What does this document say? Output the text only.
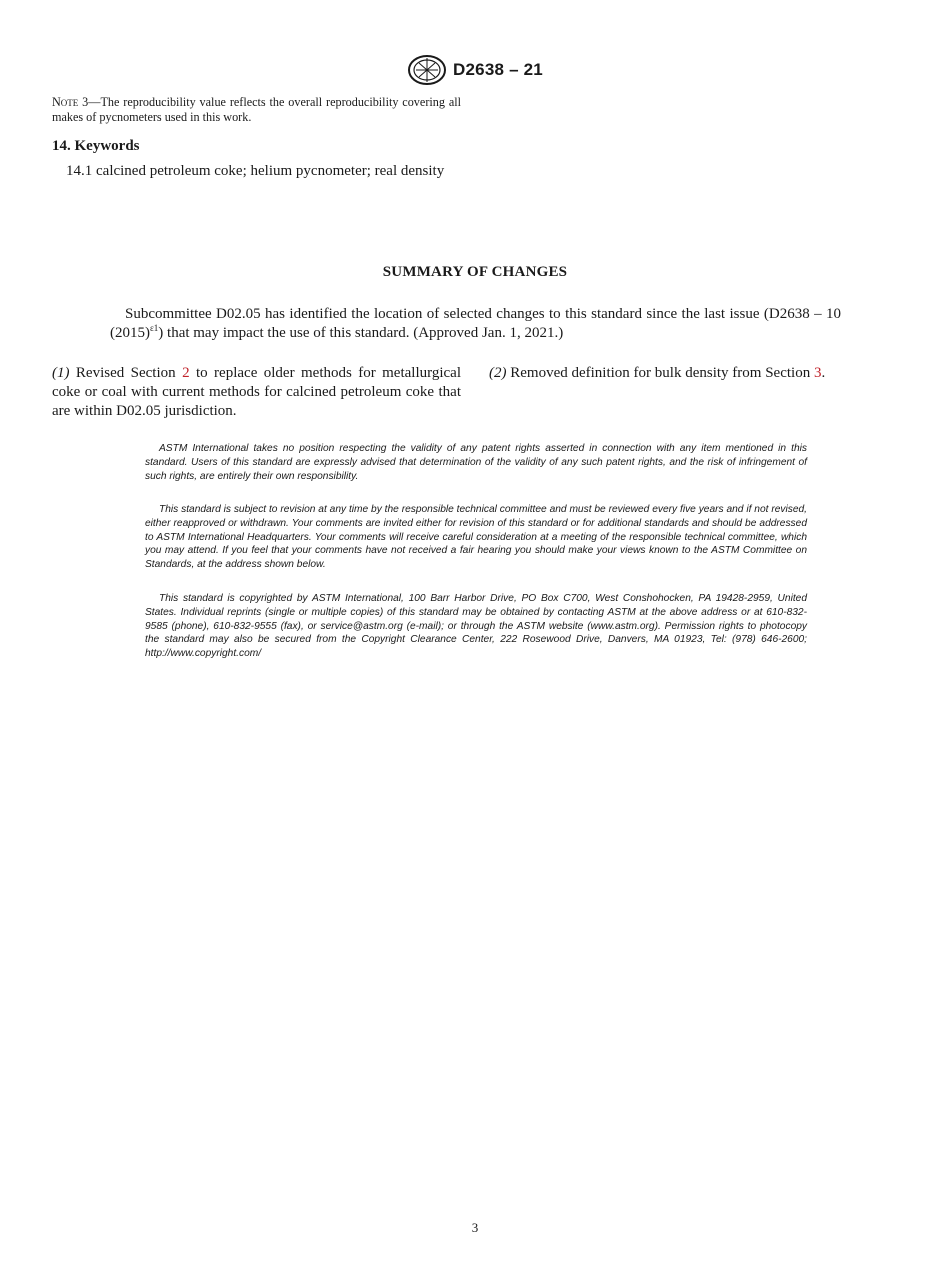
D2638 – 21
Note 3—The reproducibility value reflects the overall reproducibility covering all makes of pycnometers used in this work.
14. Keywords
14.1 calcined petroleum coke; helium pycnometer; real density
SUMMARY OF CHANGES
Subcommittee D02.05 has identified the location of selected changes to this standard since the last issue (D2638 – 10 $(2015)^{\varepsilon 1}$) that may impact the use of this standard. (Approved Jan. 1, 2021.)
(1) Revised Section 2 to replace older methods for metallurgical coke or coal with current methods for calcined petroleum coke that are within D02.05 jurisdiction.
(2) Removed definition for bulk density from Section 3.
ASTM International takes no position respecting the validity of any patent rights asserted in connection with any item mentioned in this standard. Users of this standard are expressly advised that determination of the validity of any such patent rights, and the risk of infringement of such rights, are entirely their own responsibility.
This standard is subject to revision at any time by the responsible technical committee and must be reviewed every five years and if not revised, either reapproved or withdrawn. Your comments are invited either for revision of this standard or for additional standards and should be addressed to ASTM International Headquarters. Your comments will receive careful consideration at a meeting of the responsible technical committee, which you may attend. If you feel that your comments have not received a fair hearing you should make your views known to the ASTM Committee on Standards, at the address shown below.
This standard is copyrighted by ASTM International, 100 Barr Harbor Drive, PO Box C700, West Conshohocken, PA 19428-2959, United States. Individual reprints (single or multiple copies) of this standard may be obtained by contacting ASTM at the above address or at 610-832-9585 (phone), 610-832-9555 (fax), or service@astm.org (e-mail); or through the ASTM website (www.astm.org). Permission rights to photocopy the standard may also be secured from the Copyright Clearance Center, 222 Rosewood Drive, Danvers, MA 01923, Tel: (978) 646-2600; http://www.copyright.com/
3
